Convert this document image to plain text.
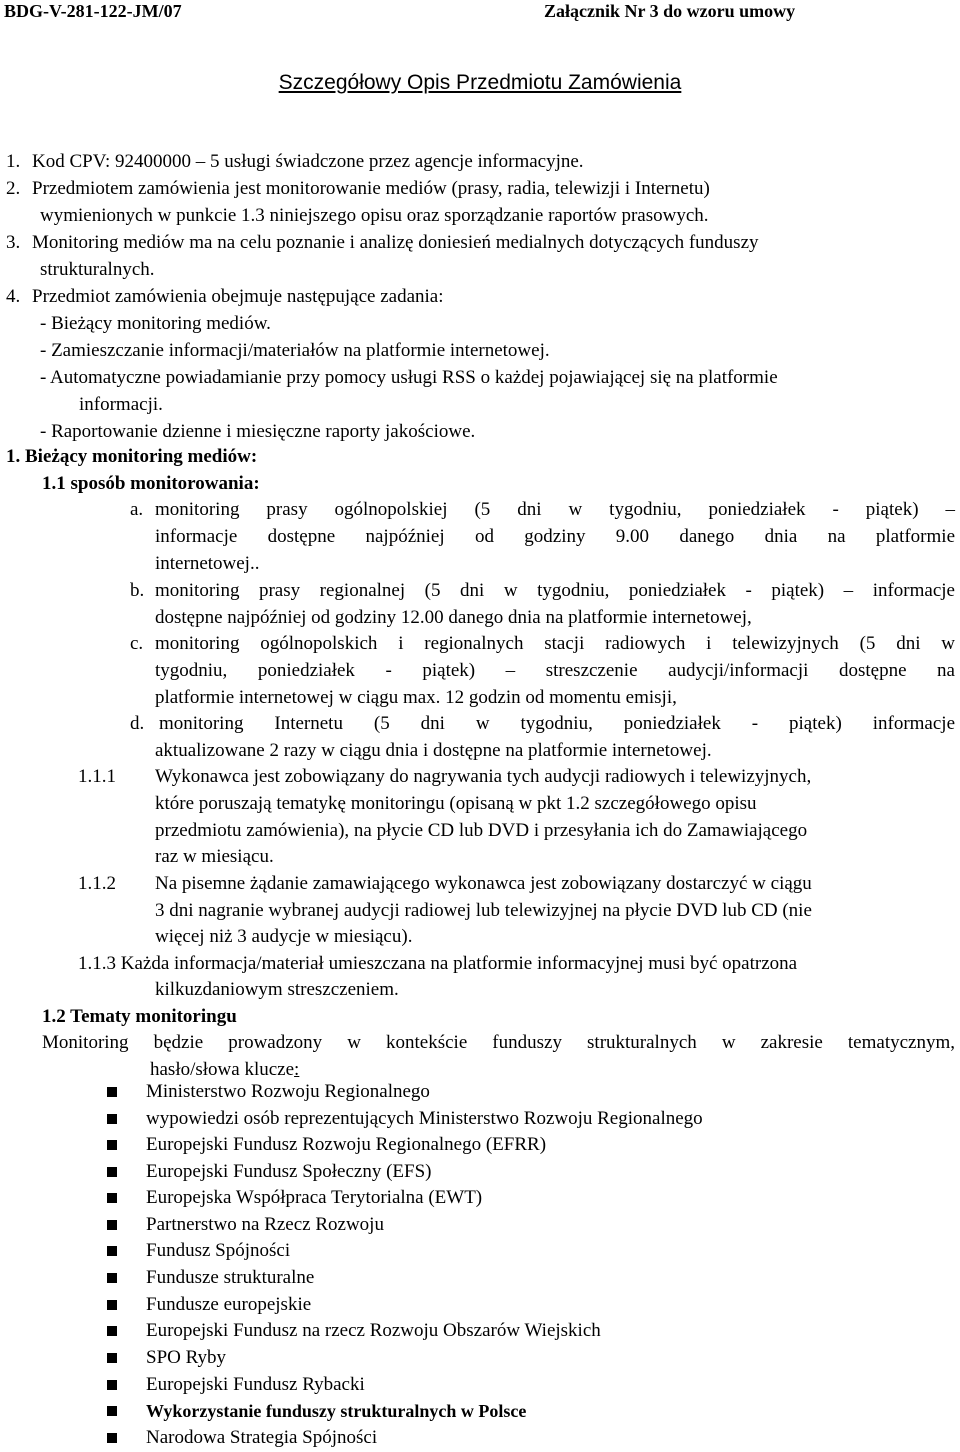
BDG-V-281-122-JM/07	Załącznik Nr 3 do wzoru umowy
Szczegółowy Opis Przedmiotu Zamówienia
1. Kod CPV: 92400000 – 5 usługi świadczone przez agencje informacyjne.
2. Przedmiotem zamówienia jest monitorowanie mediów (prasy, radia, telewizji i Internetu)
wymienionych w punkcie 1.3 niniejszego opisu oraz sporządzanie raportów prasowych.
3. Monitoring mediów ma na celu poznanie i analizę doniesień medialnych dotyczących funduszy
strukturalnych.
4. Przedmiot zamówienia obejmuje następujące zadania:
- Bieżący monitoring mediów.
- Zamieszczanie informacji/materiałów na platformie internetowej.
- Automatyczne powiadamianie przy pomocy usługi RSS o każdej pojawiającej się na platformie
informacji.
- Raportowanie dzienne i miesięczne raporty jakościowe.
1. Bieżący monitoring mediów:
1.1 sposób monitorowania:
a. monitoring prasy ogólnopolskiej (5 dni w tygodniu, poniedziałek - piątek) –
informacje dostępne najpóźniej od godziny 9.00 danego dnia na platformie
internetowej..
b. monitoring prasy regionalnej (5 dni w tygodniu, poniedziałek - piątek) – informacje
dostępne najpóźniej od godziny 12.00 danego dnia na platformie internetowej,
c. monitoring ogólnopolskich i regionalnych stacji radiowych i telewizyjnych (5 dni w
tygodniu, poniedziałek - piątek) – streszczenie audycji/informacji dostępne na
platformie internetowej w ciągu max. 12 godzin od momentu emisji,
d. monitoring Internetu (5 dni w tygodniu, poniedziałek - piątek) informacje
aktualizowane 2 razy w ciągu dnia i dostępne na platformie internetowej.
1.1.1 Wykonawca jest zobowiązany do nagrywania tych audycji radiowych i telewizyjnych,
które poruszają tematykę monitoringu (opisaną w pkt 1.2 szczegółowego opisu
przedmiotu zamówienia), na płycie CD lub DVD i przesyłania ich do Zamawiającego
raz w miesiącu.
1.1.2 Na pisemne żądanie zamawiającego wykonawca jest zobowiązany dostarczyć w ciągu
3 dni nagranie wybranej audycji radiowej lub telewizyjnej na płycie DVD lub CD (nie
więcej niż 3 audycje w miesiącu).
1.1.3 Każda informacja/materiał umieszczana na platformie informacyjnej musi być opatrzona
kilkuzdaniowym streszczeniem.
1.2 Tematy monitoringu
Monitoring będzie prowadzony w kontekście funduszy strukturalnych w zakresie tematycznym,
hasło/słowa klucze:
Ministerstwo Rozwoju Regionalnego
wypowiedzi osób reprezentujących Ministerstwo Rozwoju Regionalnego
Europejski Fundusz Rozwoju Regionalnego (EFRR)
Europejski Fundusz Społeczny (EFS)
Europejska Współpraca Terytorialna (EWT)
Partnerstwo na Rzecz Rozwoju
Fundusz Spójności
Fundusze strukturalne
Fundusze europejskie
Europejski Fundusz na rzecz Rozwoju Obszarów Wiejskich
SPO Ryby
Europejski Fundusz Rybacki
Wykorzystanie funduszy strukturalnych w Polsce
Narodowa Strategia Spójności
